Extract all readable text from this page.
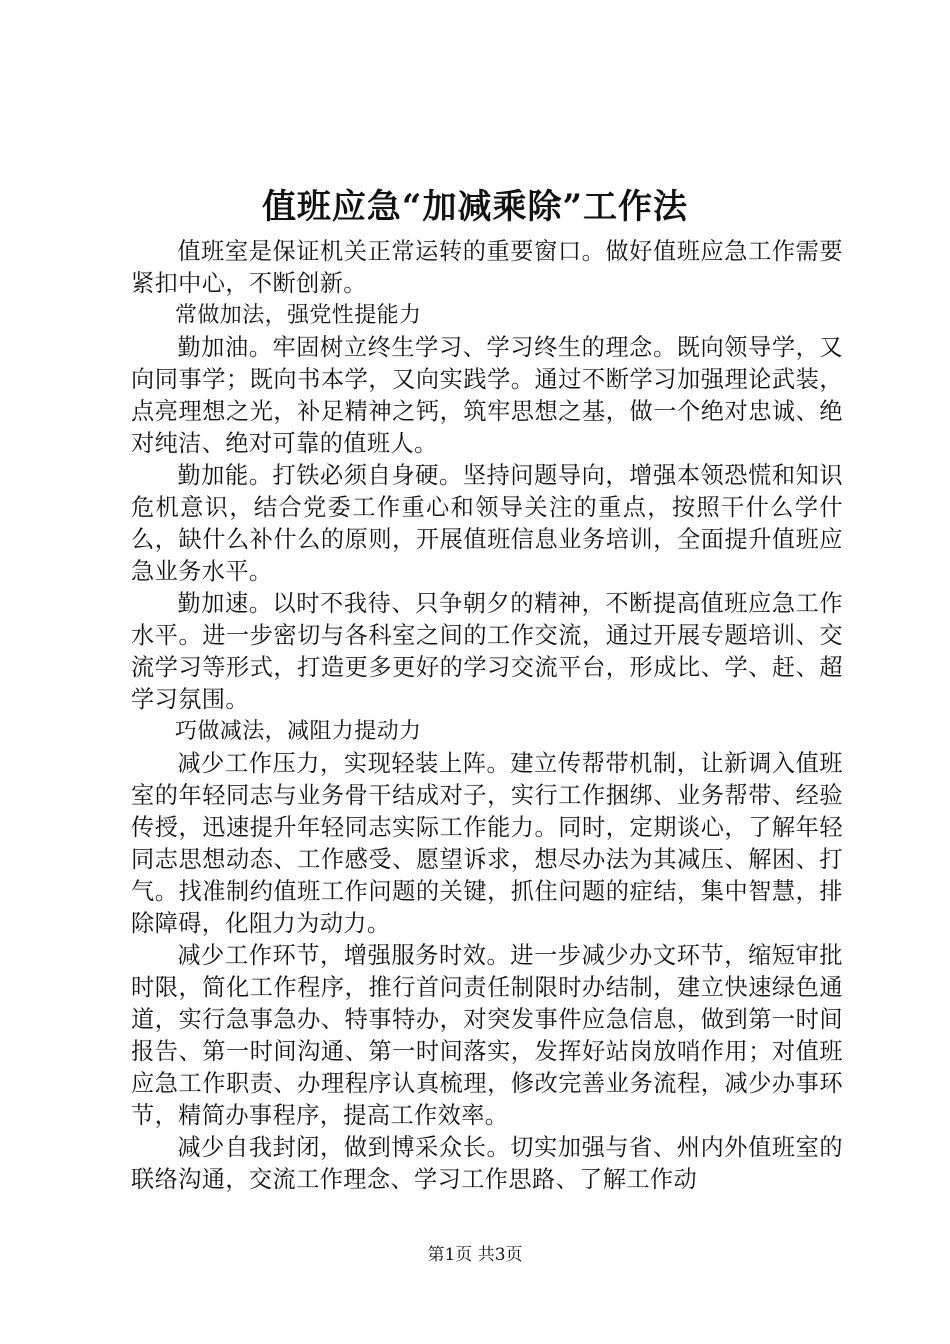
值班应急“加减乘除”工作法

值班室是保证机关正常运转的重要窗口。做好值班应急工作需要紧扣中心，不断创新。

常做加法，强党性提能力

勤加油。牢固树立终生学习、学习终生的理念。既向领导学，又向同事学；既向书本学，又向实践学。通过不断学习加强理论武装，点亮理想之光，补足精神之钙，筑牢思想之基，做一个绝对忠诚、绝对纯洁、绝对可靠的值班人。

勤加能。打铁必须自身硬。坚持问题导向，增强本领恐慌和知识危机意识，结合党委工作重心和领导关注的重点，按照干什么学什么，缺什么补什么的原则，开展值班信息业务培训，全面提升值班应急业务水平。

勤加速。以时不我待、只争朝夕的精神，不断提高值班应急工作水平。进一步密切与各科室之间的工作交流，通过开展专题培训、交流学习等形式，打造更多更好的学习交流平台，形成比、学、赶、超学习氛围。

巧做减法，减阻力提动力

减少工作压力，实现轻装上阵。建立传帮带机制，让新调入值班室的年轻同志与业务骨干结成对子，实行工作捆绑、业务帮带、经验传授，迅速提升年轻同志实际工作能力。同时，定期谈心，了解年轻同志思想动态、工作感受、愿望诉求，想尽办法为其减压、解困、打气。找准制约值班工作问题的关键，抓住问题的症结，集中智慧，排除障碍，化阻力为动力。

减少工作环节，增强服务时效。进一步减少办文环节，缩短审批时限，简化工作程序，推行首问责任制限时办结制，建立快速绿色通道，实行急事急办、特事特办，对突发事件应急信息，做到第一时间报告、第一时间沟通、第一时间落实，发挥好站岗放哨作用；对值班应急工作职责、办理程序认真梳理，修改完善业务流程，减少办事环节，精简办事程序，提高工作效率。

减少自我封闭，做到博采众长。切实加强与省、州内外值班室的联络沟通，交流工作理念、学习工作思路、了解工作动

第1页 共3页
